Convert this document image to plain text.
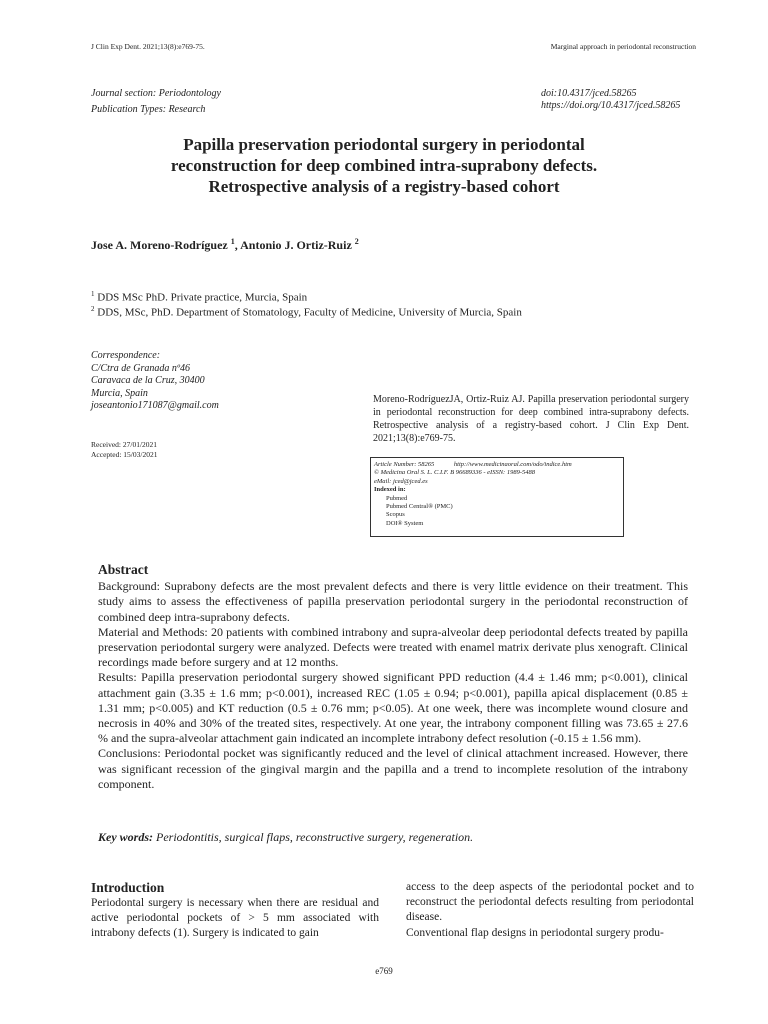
J Clin Exp Dent. 2021;13(8):e769-75.	Marginal approach in periodontal reconstruction
Journal section: Periodontology
Publication Types: Research
doi:10.4317/jced.58265
https://doi.org/10.4317/jced.58265
Papilla preservation periodontal surgery in periodontal
reconstruction for deep combined intra-suprabony defects.
Retrospective analysis of a registry-based cohort
Jose A. Moreno-Rodríguez $^1$, Antonio J. Ortiz-Ruiz $^2$
$^1$ DDS MSc PhD. Private practice, Murcia, Spain
$^2$ DDS, MSc, PhD. Department of Stomatology, Faculty of Medicine, University of Murcia, Spain
Correspondence:
C/Ctra de Granada nº46
Caravaca de la Cruz, 30400
Murcia, Spain
joseantonio171087@gmail.com
Received: 27/01/2021
Accepted: 15/03/2021
Moreno-RodríguezJA, Ortiz-Ruiz AJ. Papilla preservation periodontal surgery in periodontal reconstruction for deep combined intra-suprabony defects. Retrospective analysis of a registry-based cohort. J Clin Exp Dent. 2021;13(8):e769-75.
Article Number: 58265	http://www.medicinaoral.com/odo/indice.htm
© Medicina Oral S. L. C.I.F. B 96689336 - eISSN: 1989-5488
eMail: jced@jced.es
Indexed in:
Pubmed
Pubmed Central® (PMC)
Scopus
DOI® System
Abstract

Background: Suprabony defects are the most prevalent defects and there is very little evidence on their treatment. This study aims to assess the effectiveness of papilla preservation periodontal surgery in the periodontal reconstruction of combined deep intra-suprabony defects.

Material and Methods: 20 patients with combined intrabony and supra-alveolar deep periodontal defects treated by papilla preservation periodontal surgery were analyzed. Defects were treated with enamel matrix derivate plus xenograft. Clinical recordings made before surgery and at 12 months.

Results: Papilla preservation periodontal surgery showed significant PPD reduction (4.4 ± 1.46 mm; p<0.001), clinical attachment gain (3.35 ± 1.6 mm; p<0.001), increased REC (1.05 ± 0.94; p<0.001), papilla apical displacement (0.85 ± 1.31 mm; p<0.005) and KT reduction (0.5 ± 0.76 mm; p<0.05). At one week, there was incomplete wound closure and necrosis in 40% and 30% of the treated sites, respectively. At one year, the intrabony component filling was 73.65 ± 27.6 % and the supra-alveolar attachment gain indicated an incomplete intrabony defect resolution (-0.15 ± 1.56 mm).

Conclusions: Periodontal pocket was significantly reduced and the level of clinical attachment increased. However, there was significant recession of the gingival margin and the papilla and a trend to incomplete resolution of the intrabony component.

Key words: Periodontitis, surgical flaps, reconstructive surgery, regeneration.
Introduction
Periodontal surgery is necessary when there are residual and active periodontal pockets of > 5 mm associated with intrabony defects (1). Surgery is indicated to gain
access to the deep aspects of the periodontal pocket and to reconstruct the periodontal defects resulting from periodontal disease.
Conventional flap designs in periodontal surgery produ-
e769
